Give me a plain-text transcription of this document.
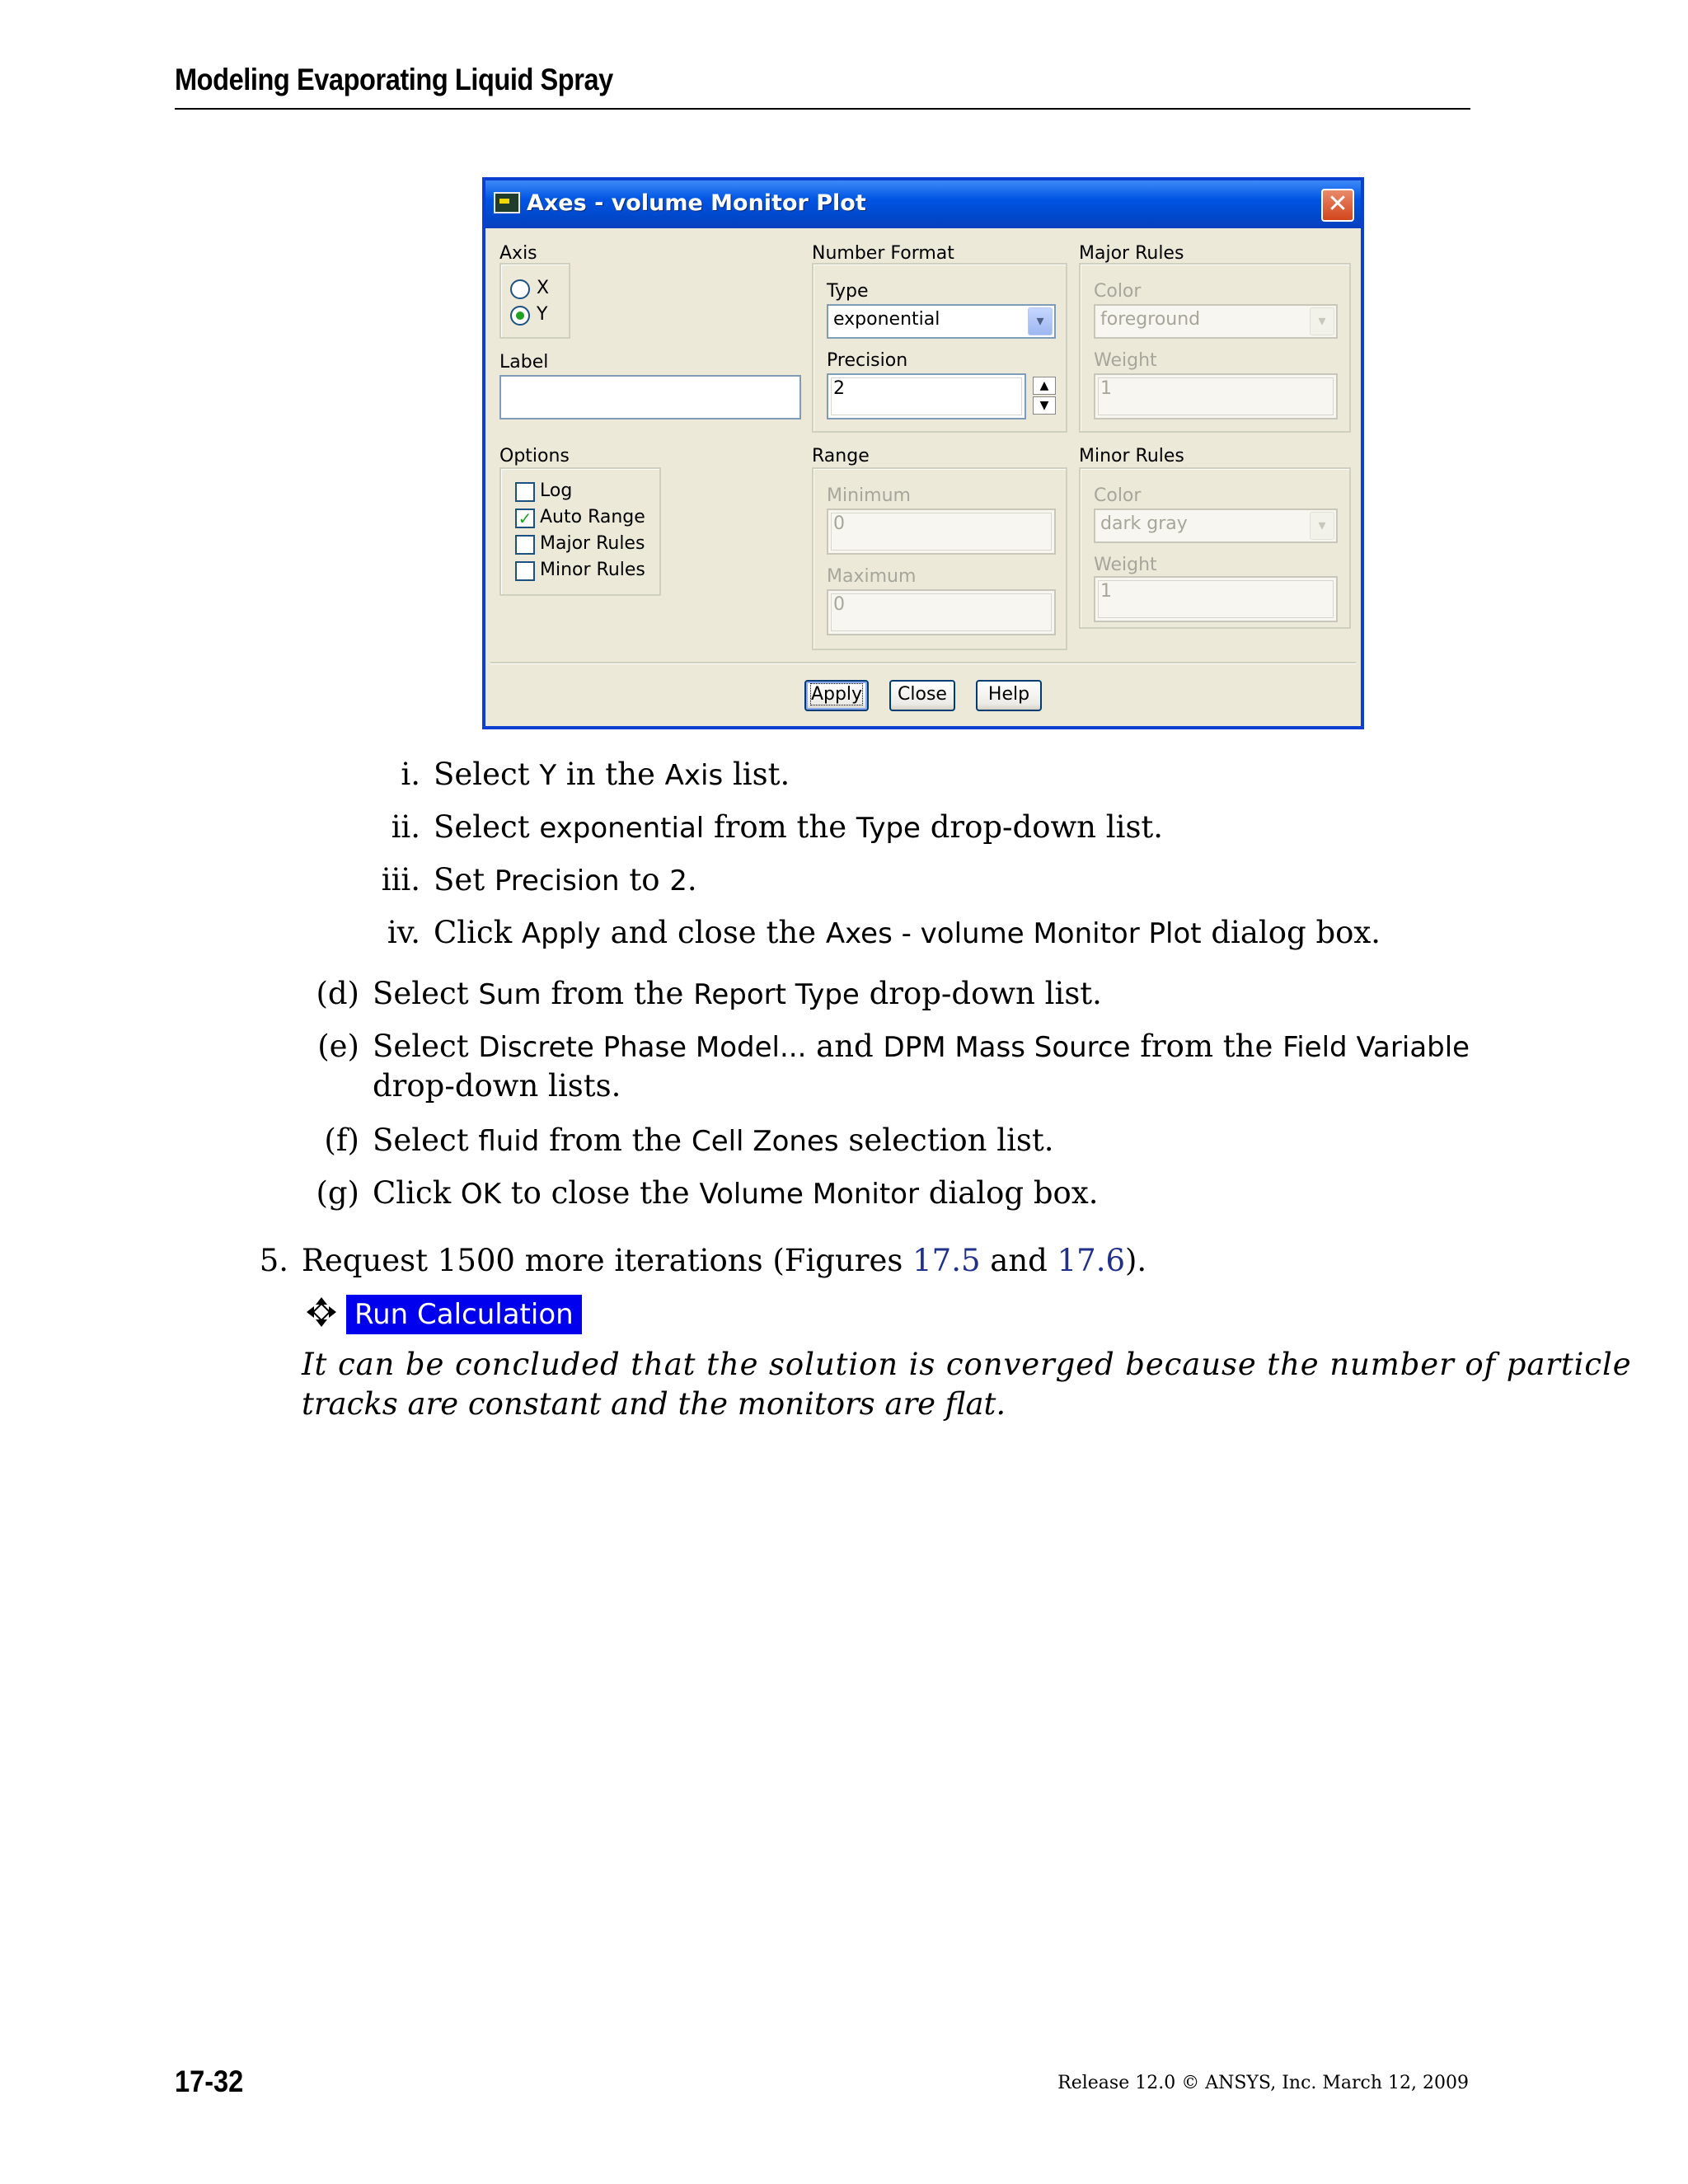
Modeling Evaporating Liquid Spray
Axes - volume Monitor Plot	✕
Axis
X
Y
Label
Options
Log
✓ Auto Range
Major Rules
Minor Rules
Number Format
Type
exponential	▾
Precision
2	▲
▼
Range
Minimum
0
Maximum
0
Major Rules
Color
foreground	▾
Weight
1
Minor Rules
Color
dark gray	▾
Weight
1
Apply	Close	Help
i. Select Y in the Axis list.
ii. Select exponential from the Type drop-down list.
iii. Set Precision to 2.
iv. Click Apply and close the Axes - volume Monitor Plot dialog box.
(d) Select Sum from the Report Type drop-down list.
(e) Select Discrete Phase Model... and DPM Mass Source from the Field Variable
drop-down lists.
(f) Select fluid from the Cell Zones selection list.
(g) Click OK to close the Volume Monitor dialog box.
5. Request 1500 more iterations (Figures 17.5 and 17.6).
Run Calculation
It can be concluded that the solution is converged because the number of particle
tracks are constant and the monitors are flat.
17-32	Release 12.0 © ANSYS, Inc. March 12, 2009
